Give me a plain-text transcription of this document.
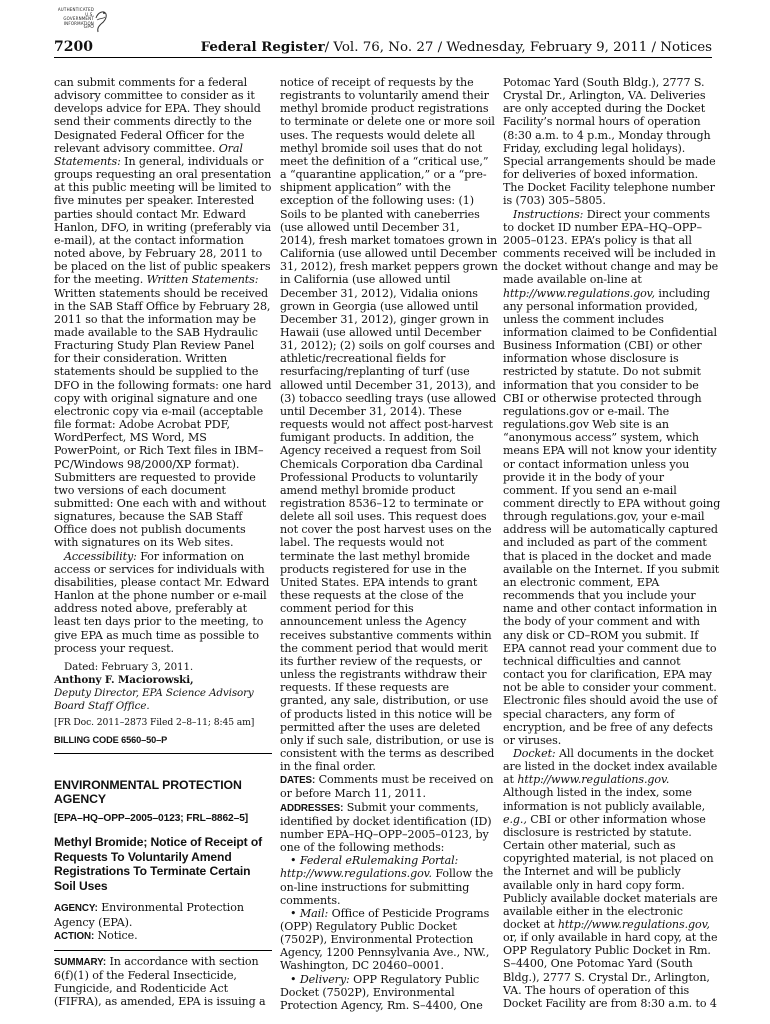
AUTHENTICATED
U.S. GOVERNMENT
INFORMATION
GPO
7200	Federal Register/ Vol. 76, No. 27 / Wednesday, February 9, 2011 / Notices

can submit comments for a federal advisory committee to consider as it develops advice for EPA. They should send their comments directly to the Designated Federal Officer for the relevant advisory committee. Oral Statements: In general, individuals or groups requesting an oral presentation at this public meeting will be limited to five minutes per speaker. Interested parties should contact Mr. Edward Hanlon, DFO, in writing (preferably via e-mail), at the contact information noted above, by February 28, 2011 to be placed on the list of public speakers for the meeting. Written Statements: Written statements should be received in the SAB Staff Office by February 28, 2011 so that the information may be made available to the SAB Hydraulic Fracturing Study Plan Review Panel for their consideration. Written statements should be supplied to the DFO in the following formats: one hard copy with original signature and one electronic copy via e-mail (acceptable file format: Adobe Acrobat PDF, WordPerfect, MS Word, MS PowerPoint, or Rich Text files in IBM–PC/Windows 98/2000/XP format). Submitters are requested to provide two versions of each document submitted: One each with and without signatures, because the SAB Staff Office does not publish documents with signatures on its Web sites.

Accessibility: For information on access or services for individuals with disabilities, please contact Mr. Edward Hanlon at the phone number or e-mail address noted above, preferably at least ten days prior to the meeting, to give EPA as much time as possible to process your request.

Dated: February 3, 2011.

Anthony F. Maciorowski,

Deputy Director, EPA Science Advisory Board Staff Office.

[FR Doc. 2011–2873 Filed 2–8–11; 8:45 am]

BILLING CODE 6560–50–P

ENVIRONMENTAL PROTECTION AGENCY

[EPA–HQ–OPP–2005–0123; FRL–8862–5]

Methyl Bromide; Notice of Receipt of Requests To Voluntarily Amend Registrations To Terminate Certain Soil Uses

AGENCY: Environmental Protection Agency (EPA).

ACTION: Notice.

SUMMARY: In accordance with section 6(f)(1) of the Federal Insecticide, Fungicide, and Rodenticide Act (FIFRA), as amended, EPA is issuing a

notice of receipt of requests by the registrants to voluntarily amend their methyl bromide product registrations to terminate or delete one or more soil uses. The requests would delete all methyl bromide soil uses that do not meet the definition of a “critical use,” a “quarantine application,” or a “pre-shipment application” with the exception of the following uses: (1) Soils to be planted with caneberries (use allowed until December 31, 2014), fresh market tomatoes grown in California (use allowed until December 31, 2012), fresh market peppers grown in California (use allowed until December 31, 2012), Vidalia onions grown in Georgia (use allowed until December 31, 2012), ginger grown in Hawaii (use allowed until December 31, 2012); (2) soils on golf courses and athletic/recreational fields for resurfacing/replanting of turf (use allowed until December 31, 2013), and (3) tobacco seedling trays (use allowed until December 31, 2014). These requests would not affect post-harvest fumigant products. In addition, the Agency received a request from Soil Chemicals Corporation dba Cardinal Professional Products to voluntarily amend methyl bromide product registration 8536–12 to terminate or delete all soil uses. This request does not cover the post harvest uses on the label. The requests would not terminate the last methyl bromide products registered for use in the United States. EPA intends to grant these requests at the close of the comment period for this announcement unless the Agency receives substantive comments within the comment period that would merit its further review of the requests, or unless the registrants withdraw their requests. If these requests are granted, any sale, distribution, or use of products listed in this notice will be permitted after the uses are deleted only if such sale, distribution, or use is consistent with the terms as described in the final order.

DATES: Comments must be received on or before March 11, 2011.

ADDRESSES: Submit your comments, identified by docket identification (ID) number EPA–HQ–OPP–2005–0123, by one of the following methods:

• Federal eRulemaking Portal: http://www.regulations.gov. Follow the on-line instructions for submitting comments.

• Mail: Office of Pesticide Programs (OPP) Regulatory Public Docket (7502P), Environmental Protection Agency, 1200 Pennsylvania Ave., NW., Washington, DC 20460–0001.

• Delivery: OPP Regulatory Public Docket (7502P), Environmental Protection Agency, Rm. S–4400, One

Potomac Yard (South Bldg.), 2777 S. Crystal Dr., Arlington, VA. Deliveries are only accepted during the Docket Facility’s normal hours of operation (8:30 a.m. to 4 p.m., Monday through Friday, excluding legal holidays). Special arrangements should be made for deliveries of boxed information. The Docket Facility telephone number is (703) 305–5805.

Instructions: Direct your comments to docket ID number EPA–HQ–OPP–2005–0123. EPA’s policy is that all comments received will be included in the docket without change and may be made available on-line at http://www.regulations.gov, including any personal information provided, unless the comment includes information claimed to be Confidential Business Information (CBI) or other information whose disclosure is restricted by statute. Do not submit information that you consider to be CBI or otherwise protected through regulations.gov or e-mail. The regulations.gov Web site is an “anonymous access” system, which means EPA will not know your identity or contact information unless you provide it in the body of your comment. If you send an e-mail comment directly to EPA without going through regulations.gov, your e-mail address will be automatically captured and included as part of the comment that is placed in the docket and made available on the Internet. If you submit an electronic comment, EPA recommends that you include your name and other contact information in the body of your comment and with any disk or CD–ROM you submit. If EPA cannot read your comment due to technical difficulties and cannot contact you for clarification, EPA may not be able to consider your comment. Electronic files should avoid the use of special characters, any form of encryption, and be free of any defects or viruses.

Docket: All documents in the docket are listed in the docket index available at http://www.regulations.gov. Although listed in the index, some information is not publicly available, e.g., CBI or other information whose disclosure is restricted by statute. Certain other material, such as copyrighted material, is not placed on the Internet and will be publicly available only in hard copy form. Publicly available docket materials are available either in the electronic docket at http://www.regulations.gov, or, if only available in hard copy, at the OPP Regulatory Public Docket in Rm. S–4400, One Potomac Yard (South Bldg.), 2777 S. Crystal Dr., Arlington, VA. The hours of operation of this Docket Facility are from 8:30 a.m. to 4
